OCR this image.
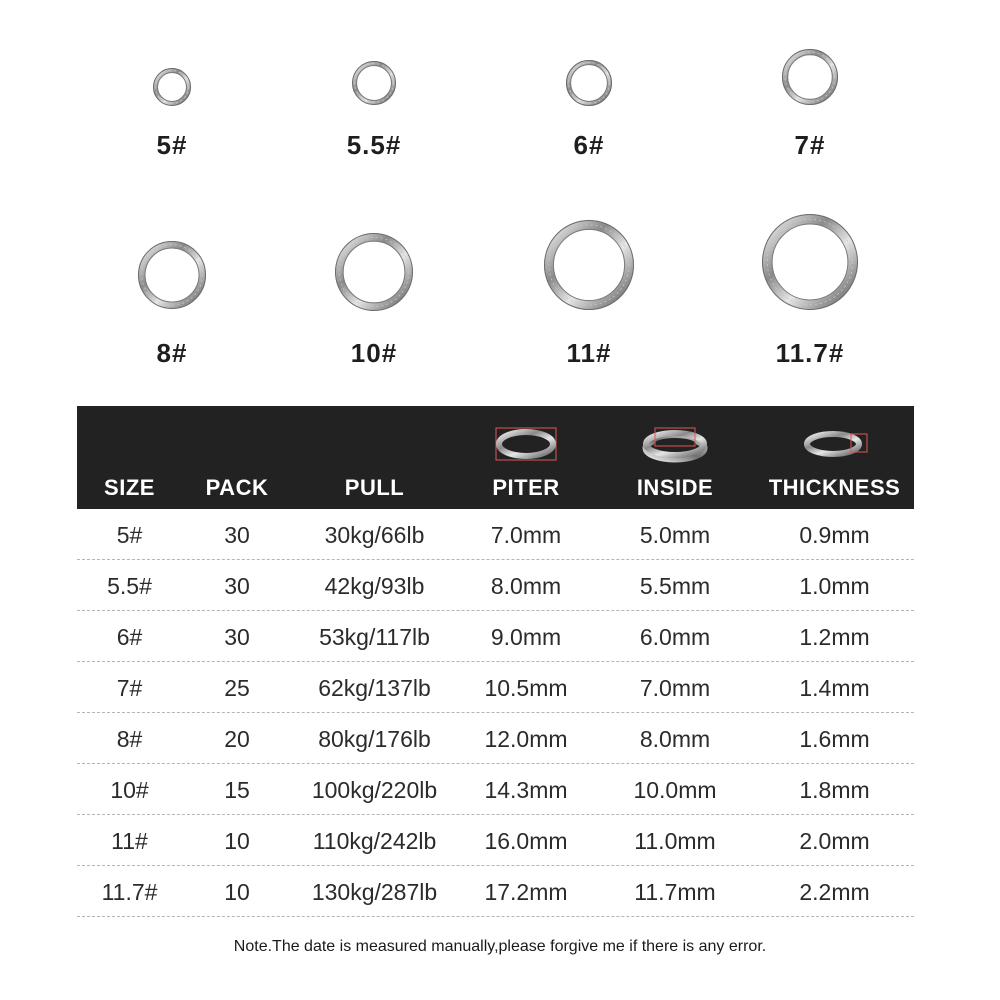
5#	5.5#	6#	7#
8#	10#	11#	11.7#
SIZE	PACK	PULL	PITER	INSIDE	THICKNESS
5#	30	30kg/66lb	7.0mm	5.0mm	0.9mm
5.5#	30	42kg/93lb	8.0mm	5.5mm	1.0mm
6#	30	53kg/117lb	9.0mm	6.0mm	1.2mm
7#	25	62kg/137lb	10.5mm	7.0mm	1.4mm
8#	20	80kg/176lb	12.0mm	8.0mm	1.6mm
10#	15	100kg/220lb	14.3mm	10.0mm	1.8mm
11#	10	110kg/242lb	16.0mm	11.0mm	2.0mm
11.7#	10	130kg/287lb	17.2mm	11.7mm	2.2mm
Note.The date is measured manually,please forgive me if there is any error.
